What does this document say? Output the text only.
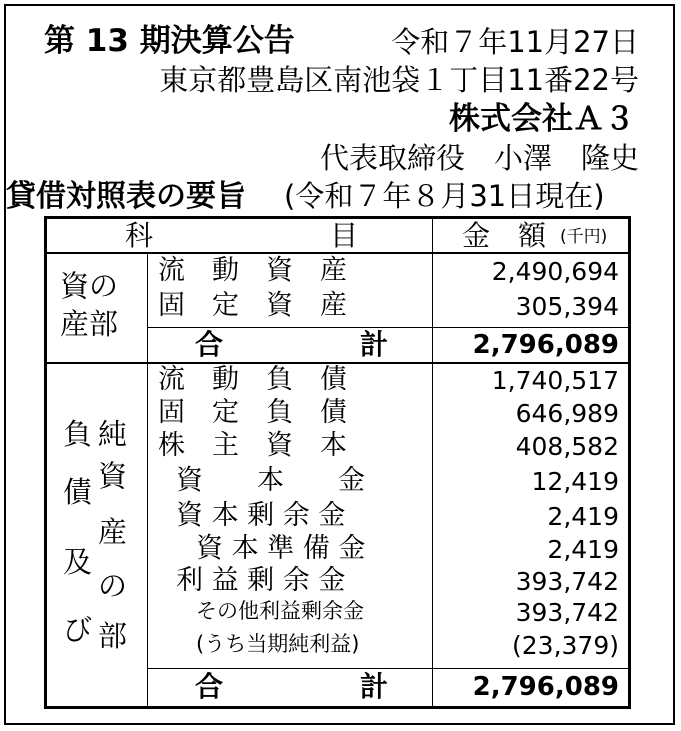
第 13 期決算公告	令和７年11月27日
東京都豊島区南池袋１丁目11番22号
株式会社Ａ３
代表取締役　小澤　隆史
貸借対照表の要旨 (令和７年８月31日現在)
科	目	金　額 (千円)
資の
産部
流　動　資　産	2,490,694
固　定　資　産	305,394
合	計	2,796,089
負
債
及
び
純
資
産
の
部
流　動　負　債	1,740,517
固　定　負　債	646,989
株　主　資　本	408,582
資　　本　　金	12,419
資 本 剰 余 金	2,419
資 本 準 備 金	2,419
利 益 剰 余 金	393,742
その他利益剰余金	393,742
(うち当期純利益)	(23,379)
合	計	2,796,089
